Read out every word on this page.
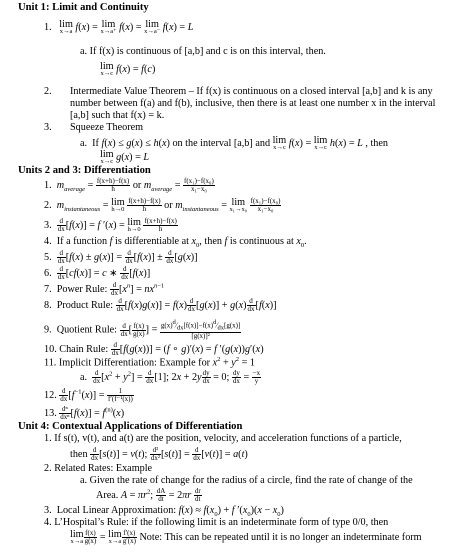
Unit 1: Limit and Continuity
1. lim
x→a f(x) = lim
x→a⁺ f(x) = lim
x→a⁻ f(x) = L
a. If f(x) is continuous of [a,b] and c is on this interval, then.
lim
x→c f(x) = f(c)
2. Intermediate Value Theorem – If f(x) is continuous on a closed interval [a,b] and k is any
number between f(a) and f(b), inclusive, then there is at least one number x in the interval
[a,b] such that f(x) = k.
3. Squeeze Theorem
a.  If f(x) ≤ g(x) ≤ h(x) on the interval [a,b] and lim
x→c f(x) = lim
x→c h(x) = L , then
lim
x→c g(x) = L
Units 2 and 3: Differentiation
1.  $m_{average} = \frac{f(x+h)-f(x)}{h}$ or $m_{average} = \frac{\text{f(x₁)−f(x₀)}}{\text{x₁−x₀}}$
2.  $m_{instantaneous} = \lim$
h→0
$\frac{f(x+h)-f(x)}{h}$ or $m_{instantaneous} = \lim$
x₁→x₀
$\frac{\text{f(x₁)−f(x₀)}}{\text{x₁−x₀}}$
3. $\frac{d}{dx} [f(x)] = f$ ′(x) = lim
h→0
$\frac{f(x+h)-f(x)}{h}$
4.  If a function f is differentiable at $x_0$, then f is continuous at $x_0$.
5. $\frac{d}{dx} [f(x) \pm g(x)] = \frac{d}{dx} [f(x)] \pm \frac{d}{dx} [g(x)]$
6. $\frac{d}{dx} [cf(x)] = c$ ∗ $\frac{d}{dx} [f(x)]$
7.  Power Rule: $\frac{d}{dx} [x^n] = nx^{n-1}$
8.  Product Rule: $\frac{d}{dx} [f(x)g(x)] = f(x) \frac{d}{dx} [g(x)] + g(x) \frac{d}{dx} [f(x)]$
9.  Quotient Rule: $\frac{d}{dx}$ [ $\frac{f(x)}{g(x)}$ ] = $\frac{g(x)^d⁄_{dx}[f(x)]-f(x)^d⁄_{dx}[g(x)]}{\text{[g(x)]²}}$
10. Chain Rule: $\frac{d}{dx} [f(g(x))] = (f$ ∘ g)′(x) = f ′(g(x))g′(x)
11. Implicit Differentiation: Example for $x^2 + y^2 = 1$
a. $\frac{d}{dx} [x^2 + y^2] = \frac{d}{dx} [1]$; $2x + 2y \frac{dy}{dx} = 0$; $\frac{dy}{dx} = \frac{-x}{y}$
12. $\frac{d}{dx} [f^{-1}(x)] = \frac{1}{\text{f′(f⁻¹(x))}}$
13. $\frac{\text{dⁿ}}{\text{dxⁿ}} [f(x)] = f^{(n)}(x)$
Unit 4: Contextual Applications of Differentiation
1. If s(t), v(t), and a(t) are the position, velocity, and acceleration functions of a particle,
then $\frac{d}{dx} [s(t)] = v(t)$; $\frac{\text{d²}}{\text{dx²}} [s(t)] = \frac{d}{dx} [v(t)] = a(t)$
2. Related Rates: Example
a. Given the rate of change for the radius of a circle, find the rate of change of the
Area. $A = \pi r^2$; $\frac{dA}{dt} = 2\pi r \frac{dr}{dt}$
3.  Local Linear Approximation: $f(x) \approx f(x_0) + f$ $'(x_0)(x - x_0)$
4. L’Hospital’s Rule: if the following limit is an indeterminate form of type 0/0, then
lim
$x\to a \frac{f(x)}{g(x)} = \lim$
$x\to a \frac{f'(x)}{g'(x)}$ Note: This can be repeated until it is no longer an indeterminate form
